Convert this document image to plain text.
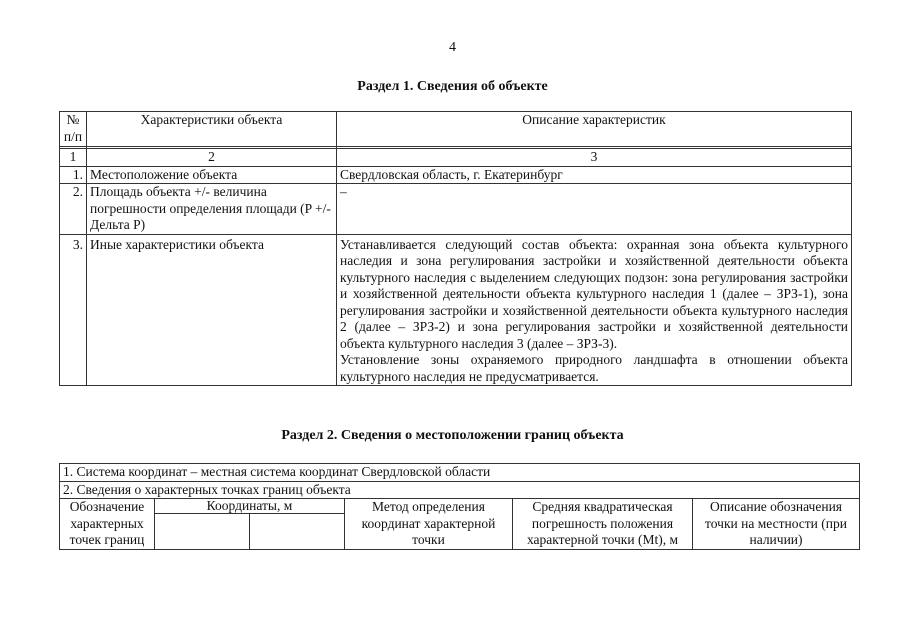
4
Раздел 1. Сведения об объекте
№ п/п	Характеристики объекта	Описание характеристик

1	2	3
1.	Местоположение объекта	Свердловская область, г. Екатеринбург
2.	Площадь объекта +/- величина погрешности определения площади (P +/- Дельта P)	–
3.	Иные характеристики объекта	Устанавливается следующий состав объекта: охранная зона объекта культурного наследия и зона регулирования застройки и хозяйственной деятельности объекта культурного наследия с выделением следующих подзон: зона регулирования застройки и хозяйственной деятельности объекта культурного наследия 1 (далее – ЗРЗ-1), зона регулирования застройки и хозяйственной деятельности объекта культурного наследия 2 (далее – ЗРЗ-2) и зона регулирования застройки и хозяйственной деятельности объекта культурного наследия 3 (далее – ЗРЗ-3).
Установление зоны охраняемого природного ландшафта в отношении объекта культурного наследия не предусматривается.
Раздел 2. Сведения о местоположении границ объекта
1. Система координат – местная система координат Свердловской области					
2. Сведения о характерных точках границ объекта					
Обозначение характерных точек границ	Координаты, м		Метод определения координат характерной точки	Средняя квадратическая погрешность положения характерной точки (Mt), м	Описание обозначения точки на местности (при наличии)
